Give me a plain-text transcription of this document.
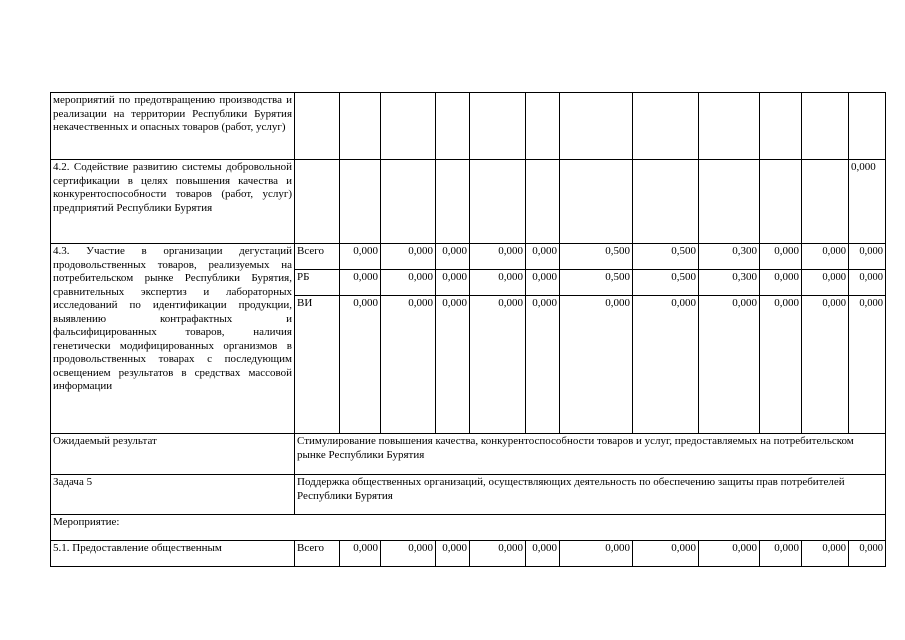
мероприятий по предотвращению производства и реализации на территории Республики Бурятия некачественных и опасных товаров (работ, услуг)												
4.2. Содействие развитию системы добровольной сертификации в целях повышения качества и конкурентоспособности товаров (работ, услуг) предприятий Республики Бурятия												0,000
4.3. Участие в организации дегустаций продовольственных товаров, реализуемых на потребительском рынке Республики Бурятия, сравнительных экспертиз и лабораторных исследований по идентификации продукции, выявлению контрафактных и фальсифицированных товаров, наличия генетически модифицированных организмов в продовольственных товарах с последующим освещением результатов в средствах массовой информации	Всего	0,000	0,000	0,000	0,000	0,000	0,500	0,500	0,300	0,000	0,000	0,000
	РБ	0,000	0,000	0,000	0,000	0,000	0,500	0,500	0,300	0,000	0,000	0,000
	ВИ	0,000	0,000	0,000	0,000	0,000	0,000	0,000	0,000	0,000	0,000	0,000
Ожидаемый результат	Стимулирование повышения качества, конкурентоспособности товаров и услуг, предоставляемых на потребительском рынке Республики Бурятия											
Задача 5	Поддержка общественных организаций, осуществляющих деятельность по обеспечению защиты прав потребителей Республики Бурятия											
Мероприятие:												
5.1. Предоставление общественным	Всего	0,000	0,000	0,000	0,000	0,000	0,000	0,000	0,000	0,000	0,000	0,000
